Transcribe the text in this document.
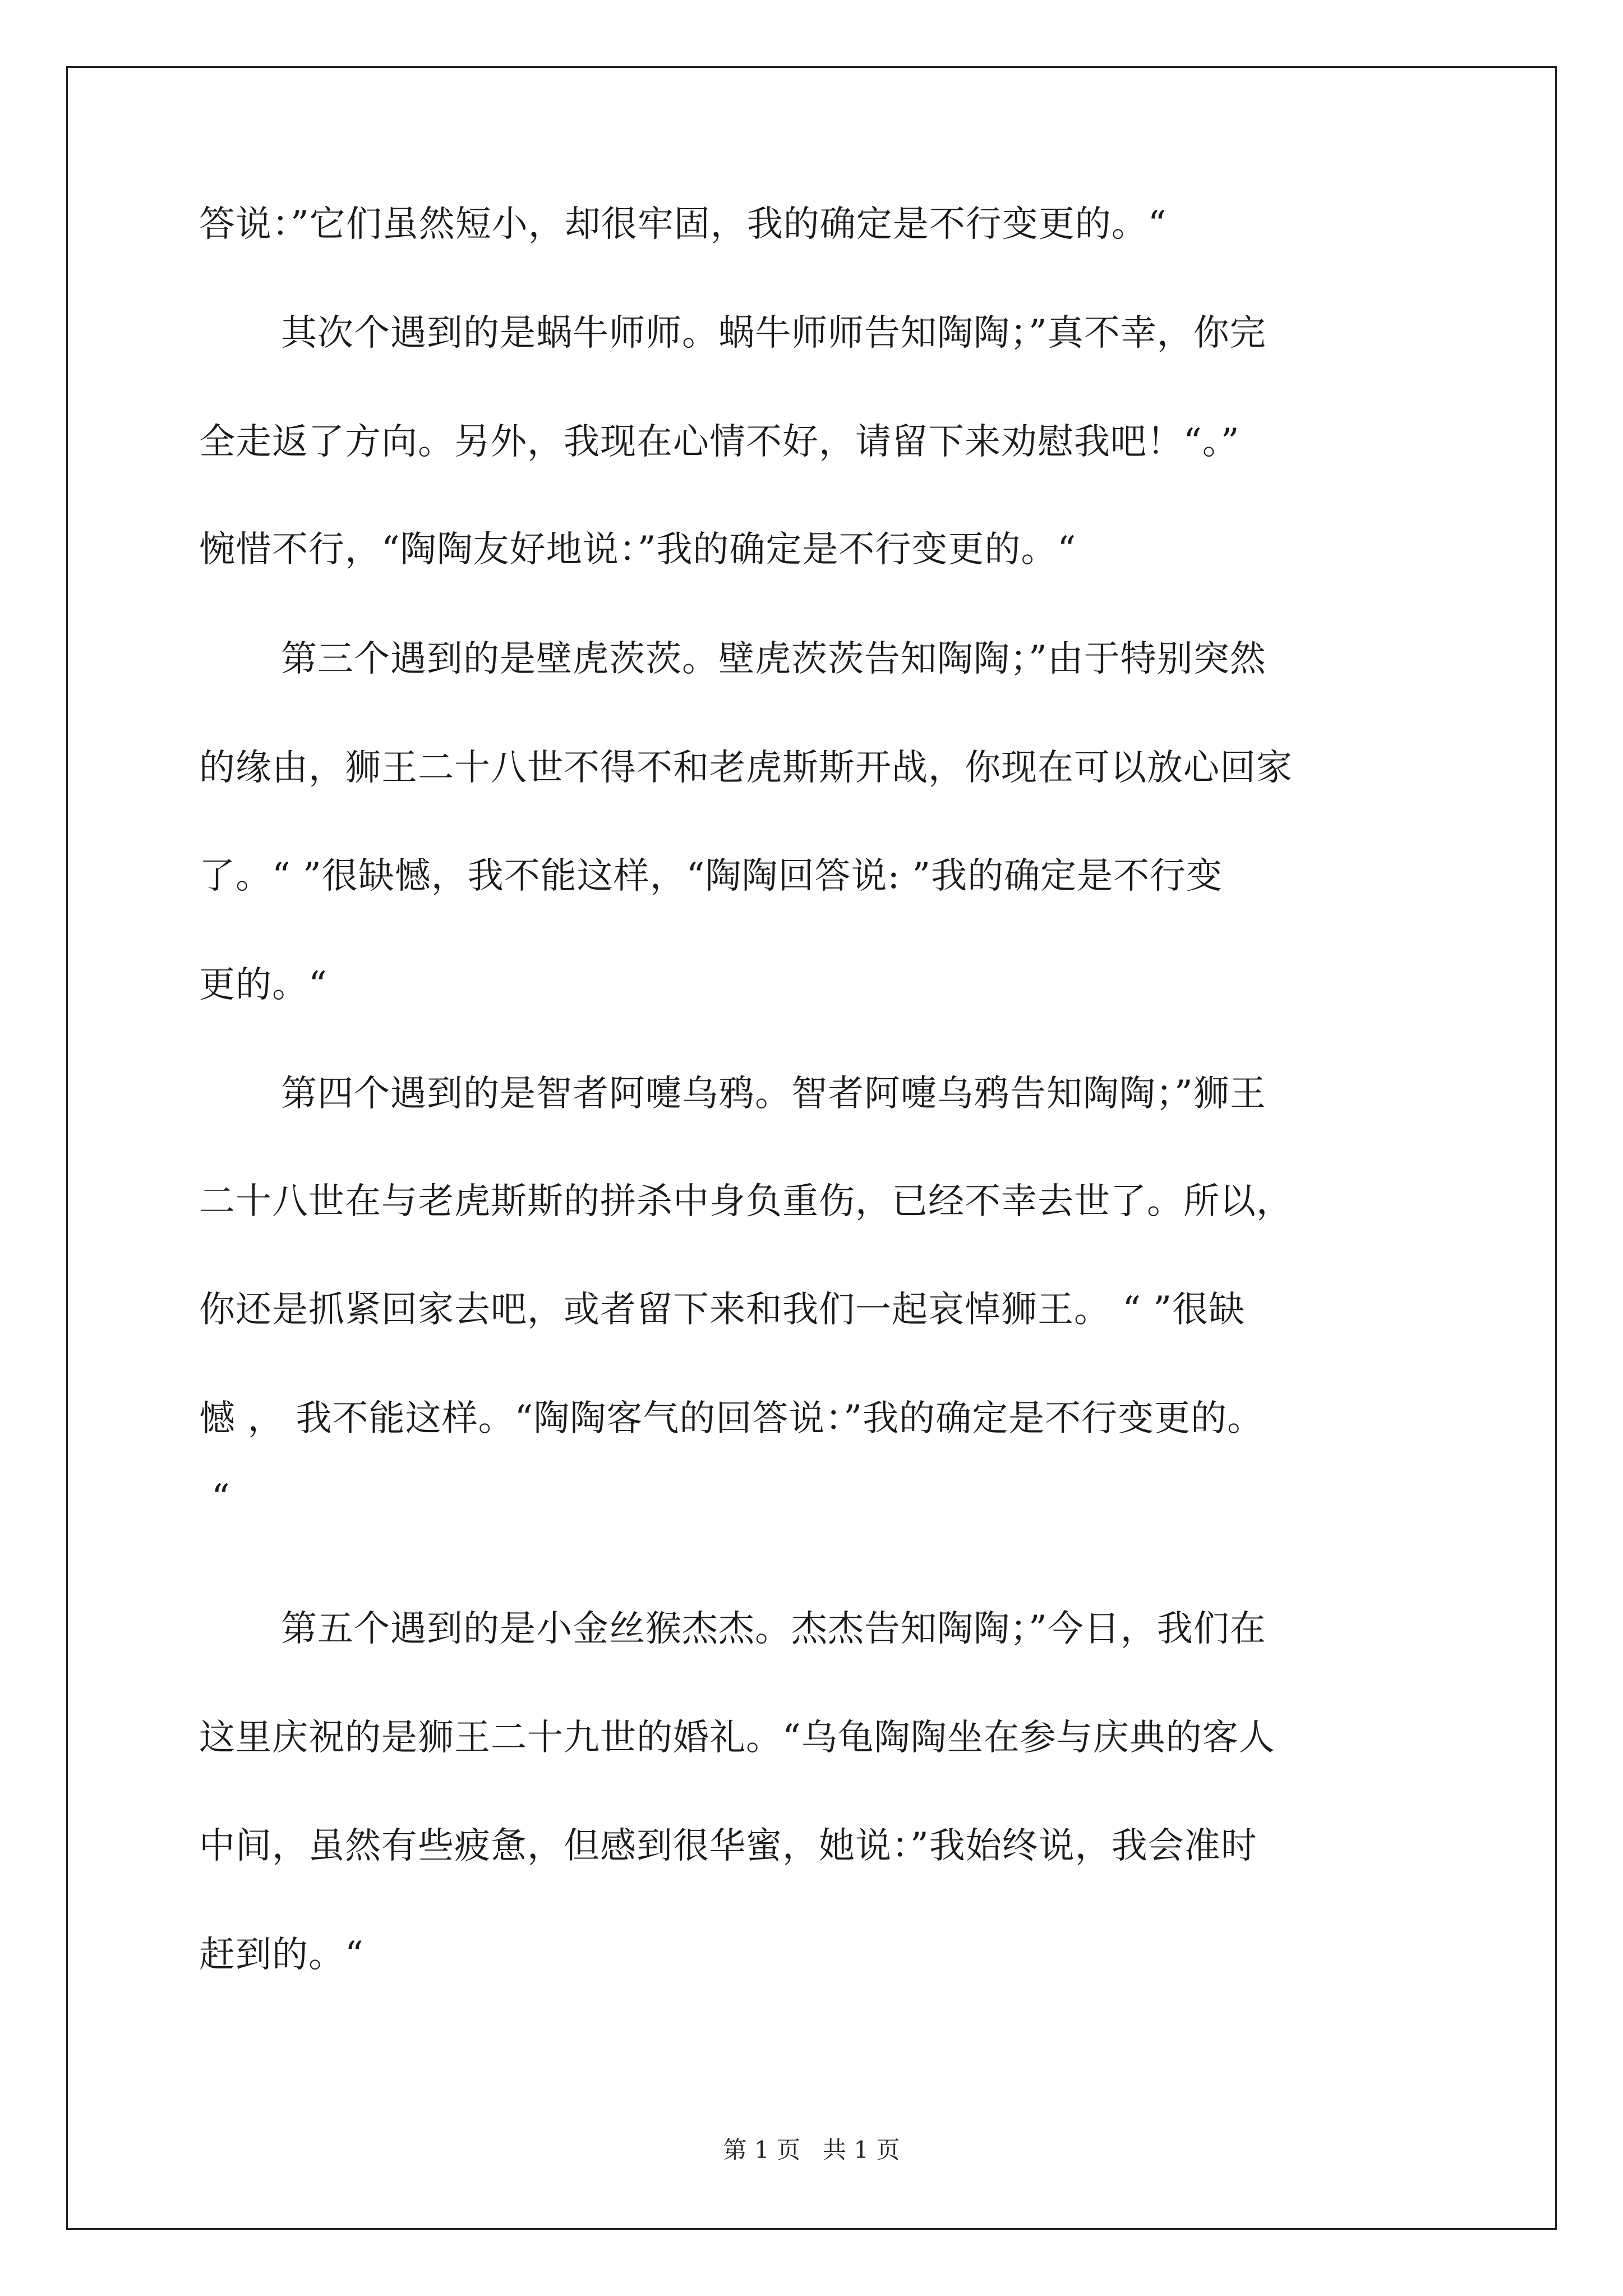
答说：”它们虽然短小，却很牢固，我的确定是不行变更的。“
其次个遇到的是蜗牛师师。蜗牛师师告知陶陶；”真不幸，你完
全走返了方向。另外，我现在心情不好，请留下来劝慰我吧！“。”
惋惜不行，“陶陶友好地说：”我的确定是不行变更的。“
第三个遇到的是壁虎茨茨。壁虎茨茨告知陶陶；”由于特别突然
的缘由，狮王二十八世不得不和老虎斯斯开战，你现在可以放心回家
了。“ ”很缺憾，我不能这样，“陶陶回答说: ”我的确定是不行变
更的。“
第四个遇到的是智者阿嚏乌鸦。智者阿嚏乌鸦告知陶陶；”狮王
二十八世在与老虎斯斯的拼杀中身负重伤，已经不幸去世了。所以，
你还是抓紧回家去吧，或者留下来和我们一起哀悼狮王。 “ ”很缺
憾 ， 我不能这样。“陶陶客气的回答说：”我的确定是不行变更的。
“
第五个遇到的是小金丝猴杰杰。杰杰告知陶陶；”今日，我们在
这里庆祝的是狮王二十九世的婚礼。“乌龟陶陶坐在参与庆典的客人
中间，虽然有些疲惫，但感到很华蜜，她说：”我始终说，我会准时
赶到的。“
第 1 页   共 1 页
